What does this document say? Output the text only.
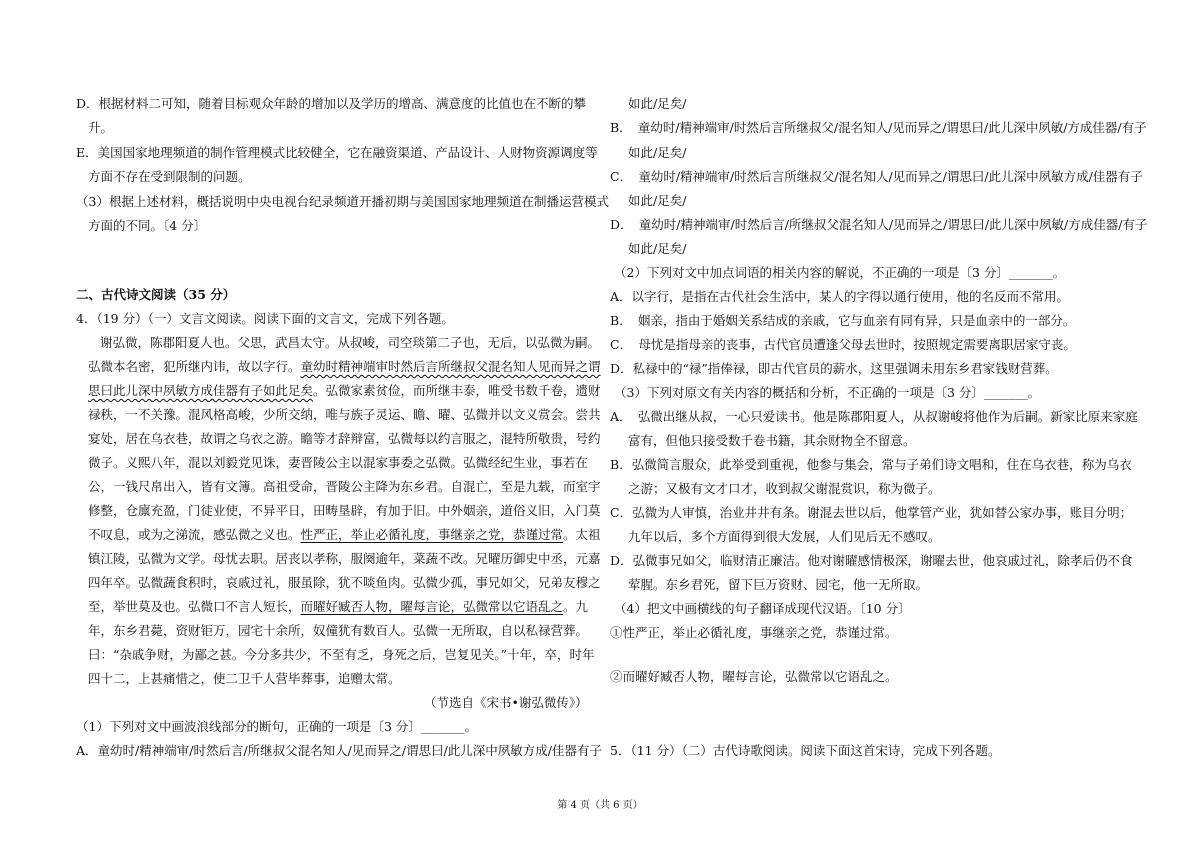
D．根据材料二可知，随着目标观众年龄的增加以及学历的增高、满意度的比值也在不断的攀
升。
E．美国国家地理频道的制作管理模式比较健全，它在融资渠道、产品设计、人财物资源调度等
方面不存在受到限制的问题。
（3）根据上述材料，概括说明中央电视台纪录频道开播初期与美国国家地理频道在制播运营模式
方面的不同。〔4 分〕
二、古代诗文阅读（35 分）
4．（19 分）（一）文言文阅读。阅读下面的文言文，完成下列各题。
谢弘微，陈郡阳夏人也。父思，武昌太守。从叔峻，司空琰第二子也，无后，以弘微为嗣。
弘微本名密，犯所继内讳，故以字行。童幼时精神端审时然后言所继叔父混名知人见而异之谓
思曰此儿深中夙敏方成佳器有子如此足矣。弘微家素贫俭，而所继丰泰，唯受书数千卷，遗财
禄秩，一不关豫。混风格高峻，少所交纳，唯与族子灵运、瞻、曜、弘微并以文义赏会。尝共
宴处，居在乌衣巷，故谓之乌衣之游。瞻等才辞辩富，弘微每以约言服之，混特所敬贵，号约
微子。义熙八年，混以刘毅党见诛，妻晋陵公主以混家事委之弘微。弘微经纪生业，事若在
公，一钱尺帛出入，皆有文簿。高祖受命，晋陵公主降为东乡君。自混亡，至是九载，而室宇
修整，仓廪充盈，门徒业使，不异平日，田畴垦辟，有加于旧。中外姻亲，道俗义旧，入门莫
不叹息，或为之涕流，感弘微之义也。性严正，举止必循礼度，事继亲之党，恭谨过常。太祖
镇江陵，弘微为文学。母忧去职。居丧以孝称，服阕逾年，菜蔬不改。兄曜历御史中丞，元嘉
四年卒。弘微蔬食积时，哀戚过礼，服虽除，犹不啖鱼肉。弘微少孤，事兄如父，兄弟友穆之
至，举世莫及也。弘微口不言人短长，而曜好臧否人物，曜每言论，弘微常以它语乱之。九
年，东乡君薨，资财钜万，园宅十余所，奴僮犹有数百人。弘微一无所取，自以私禄营葬。
曰：“杂戚争财，为鄙之甚。今分多共少，不至有乏，身死之后，岂复见关。”十年，卒，时年
四十二，上甚痛惜之，使二卫千人营毕葬事，追赠太常。
（节选自《宋书•谢弘微传》）
（1）下列对文中画波浪线部分的断句，正确的一项是〔3 分〕_______。
A．童幼时/精神端审/时然后言/所继叔父混名知人/见而异之/谓思曰/此儿深中夙敏方成/佳器有子
如此/足矣/
B．　童幼时/精神端审/时然后言所继叔父/混名知人/见而异之/谓思曰/此儿深中夙敏/方成佳器/有子
如此/足矣/
C．　童幼时/精神端审/时然后言所继叔父/混名知人/见而异之/谓思曰/此儿深中夙敏方成/佳器有子
如此/足矣/
D．　童幼时/精神端审/时然后言/所继叔父混名知人/见而异之/谓思曰/此儿深中夙敏/方成佳器/有子
如此/足矣/
（2）下列对文中加点词语的相关内容的解说，不正确的一项是〔3 分〕_______。
A．以字行，是指在古代社会生活中，某人的字得以通行使用，他的名反而不常用。
B．　姻亲，指由于婚姻关系结成的亲戚，它与血亲有同有异，只是血亲中的一部分。
C．　母忧是指母亲的丧事，古代官员遭逢父母去世时，按照规定需要离职居家守丧。
D．私禄中的“禄”指俸禄，即古代官员的薪水，这里强调未用东乡君家钱财营葬。
（3）下列对原文有关内容的概括和分析，不正确的一项是〔3 分〕_______。
A．　弘微出继从叔，一心只爱读书。他是陈郡阳夏人，从叔谢峻将他作为后嗣。新家比原来家庭
富有，但他只接受数千卷书籍，其余财物全不留意。
B．弘微简言服众，此举受到重视，他参与集会，常与子弟们诗文唱和，住在乌衣巷，称为乌衣
之游；又极有文才口才，收到叔父谢混赏识，称为微子。
C．弘微为人审慎，治业井井有条。谢混去世以后，他掌管产业，犹如替公家办事，账目分明；
九年以后，多个方面得到很大发展，人们见后无不感叹。
D．弘微事兄如父，临财清正廉洁。他对谢曜感情极深，谢曜去世，他哀戚过礼，除孝后仍不食
荤腥。东乡君死，留下巨万资财、园宅，他一无所取。
（4）把文中画横线的句子翻译成现代汉语。〔10 分〕
①性严正，举止必循礼度，事继亲之党，恭谨过常。
②而曜好臧否人物，曜每言论，弘微常以它语乱之。
5．（11 分）（二）古代诗歌阅读。阅读下面这首宋诗，完成下列各题。
第 4 页（共 6 页）
